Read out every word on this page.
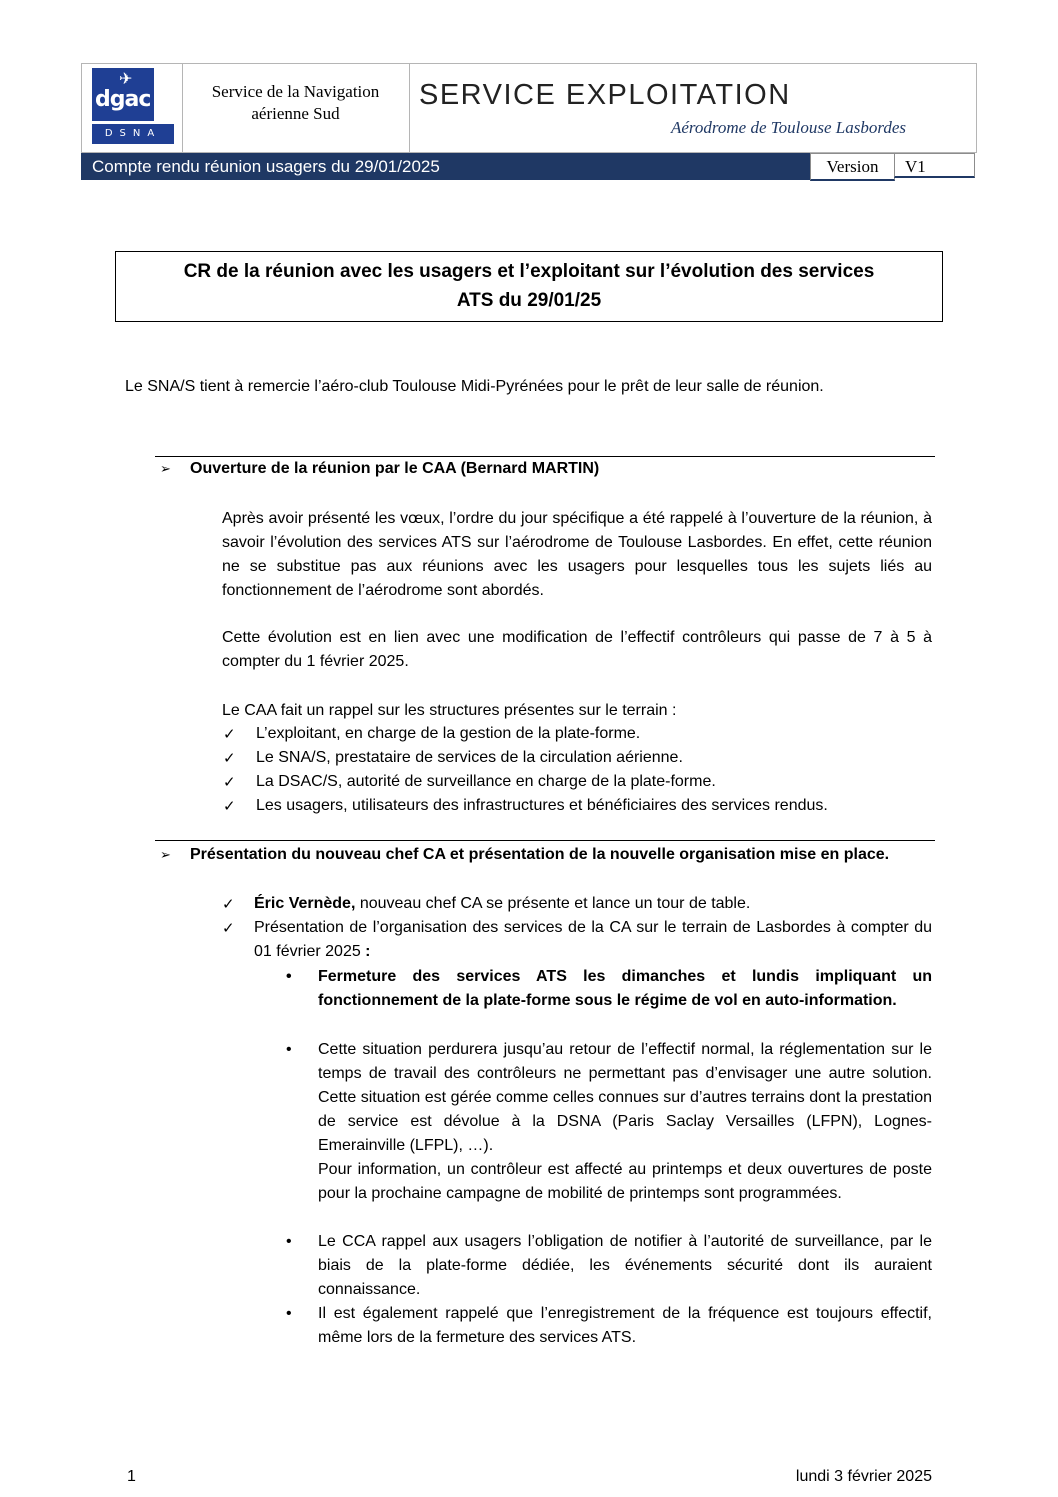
✈
dgac
DSNA
Service de la Navigation
aérienne Sud
SERVICE EXPLOITATION
Aérodrome de Toulouse Lasbordes
Compte rendu réunion usagers du 29/01/2025	Version	V1
CR de la réunion avec les usagers et l’exploitant sur l’évolution des services
ATS du 29/01/25
Le SNA/S tient à remercie l’aéro-club Toulouse Midi-Pyrénées pour le prêt de leur salle de réunion.
➢ Ouverture de la réunion par le CAA (Bernard MARTIN)
Après avoir présenté les vœux, l’ordre du jour spécifique a été rappelé à l’ouverture de la réunion, à savoir l’évolution des services ATS sur l’aérodrome de Toulouse Lasbordes. En effet, cette réunion ne se substitue pas aux réunions avec les usagers pour lesquelles tous les sujets liés au fonctionnement de l’aérodrome sont abordés.
Cette évolution est en lien avec une modification de l’effectif contrôleurs qui passe de 7 à 5 à compter du 1 février 2025.
Le CAA fait un rappel sur les structures présentes sur le terrain :
✓ L’exploitant, en charge de la gestion de la plate-forme.
✓ Le SNA/S, prestataire de services de la circulation aérienne.
✓ La DSAC/S, autorité de surveillance en charge de la plate-forme.
✓ Les usagers, utilisateurs des infrastructures et bénéficiaires des services rendus.
➢ Présentation du nouveau chef CA et présentation de la nouvelle organisation mise en place.
✓ Éric Vernède, nouveau chef CA se présente et lance un tour de table.
✓ Présentation de l’organisation des services de la CA sur le terrain de Lasbordes à compter du 01 février 2025 :
• Fermeture des services ATS les dimanches et lundis impliquant un fonctionnement de la plate-forme sous le régime de vol en auto-information.
• Cette situation perdurera jusqu’au retour de l’effectif normal, la réglementation sur le temps de travail des contrôleurs ne permettant pas d’envisager une autre solution. Cette situation est gérée comme celles connues sur d’autres terrains dont la prestation de service est dévolue à la DSNA (Paris Saclay Versailles (LFPN), Lognes-Emerainville (LFPL), …).
Pour information, un contrôleur est affecté au printemps et deux ouvertures de poste pour la prochaine campagne de mobilité de printemps sont programmées.
• Le CCA rappel aux usagers l’obligation de notifier à l’autorité de surveillance, par le biais de la plate-forme dédiée, les événements sécurité dont ils auraient connaissance.
• Il est également rappelé que l’enregistrement de la fréquence est toujours effectif, même lors de la fermeture des services ATS.
1	lundi 3 février 2025
